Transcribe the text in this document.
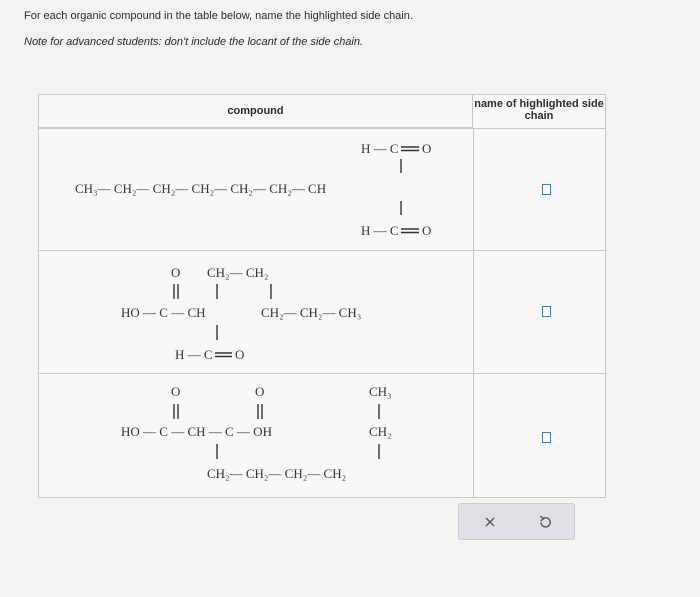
For each organic compound in the table below, name the highlighted side chain.
Note for advanced students: don't include the locant of the side chain.
compound
name of highlighted side chain
H — C O
CH₃— CH₂— CH₂— CH₂— CH₂— CH₂— CH
H — C O
CH₂— CH₂
O
HO — C — CH	CH₂— CH₂— CH₃
H — C O
O	O	CH₃
HO — C — CH — C — OH	CH₂
CH₂— CH₂— CH₂— CH₂
